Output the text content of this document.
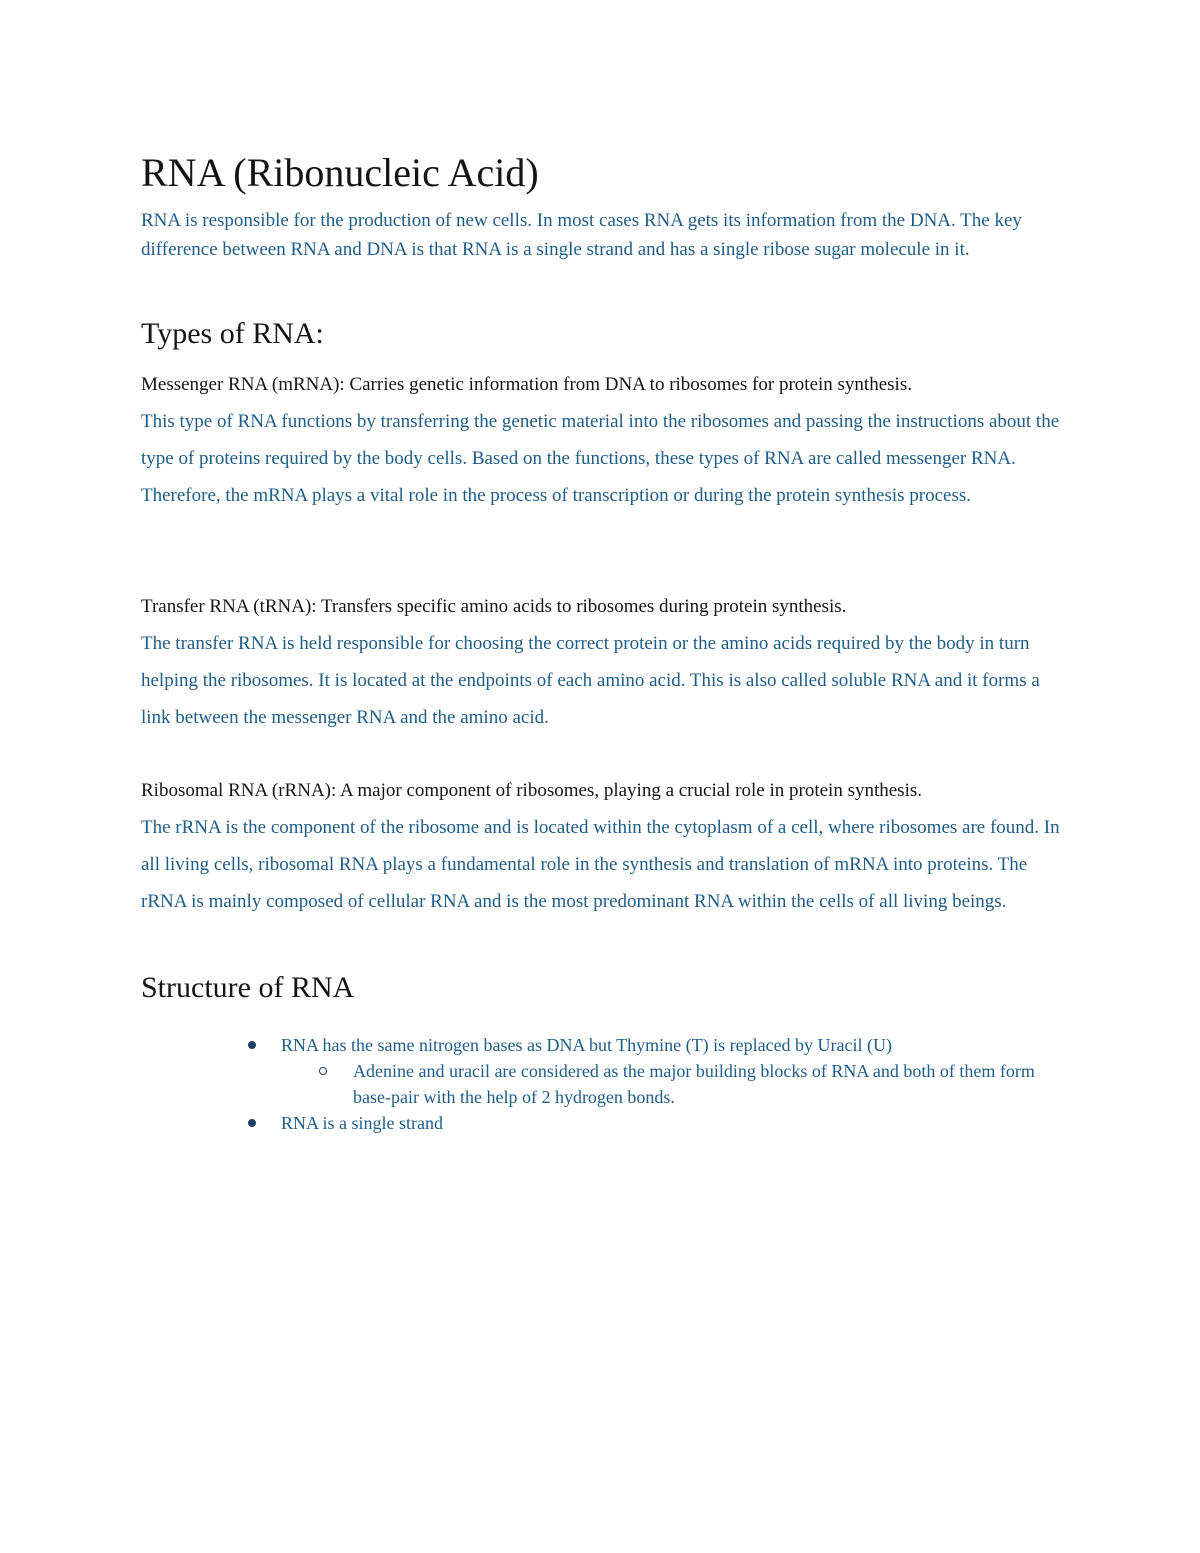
RNA (Ribonucleic Acid)

RNA is responsible for the production of new cells. In most cases RNA gets its information from the DNA. The key difference between RNA and DNA is that RNA is a single strand and has a single ribose sugar molecule in it.

Types of RNA:

Messenger RNA (mRNA): Carries genetic information from DNA to ribosomes for protein synthesis.

This type of RNA functions by transferring the genetic material into the ribosomes and passing the instructions about the type of proteins required by the body cells. Based on the functions, these types of RNA are called messenger RNA. Therefore, the mRNA plays a vital role in the process of transcription or during the protein synthesis process.

Transfer RNA (tRNA): Transfers specific amino acids to ribosomes during protein synthesis.

The transfer RNA is held responsible for choosing the correct protein or the amino acids required by the body in turn helping the ribosomes. It is located at the endpoints of each amino acid. This is also called soluble RNA and it forms a link between the messenger RNA and the amino acid.

Ribosomal RNA (rRNA): A major component of ribosomes, playing a crucial role in protein synthesis.

The rRNA is the component of the ribosome and is located within the cytoplasm of a cell, where ribosomes are found. In all living cells, ribosomal RNA plays a fundamental role in the synthesis and translation of mRNA into proteins. The rRNA is mainly composed of cellular RNA and is the most predominant RNA within the cells of all living beings.

Structure of RNA
RNA has the same nitrogen bases as DNA but Thymine (T) is replaced by Uracil (U)
Adenine and uracil are considered as the major building blocks of RNA and both of them form base-pair with the help of 2 hydrogen bonds.
RNA is a single strand
